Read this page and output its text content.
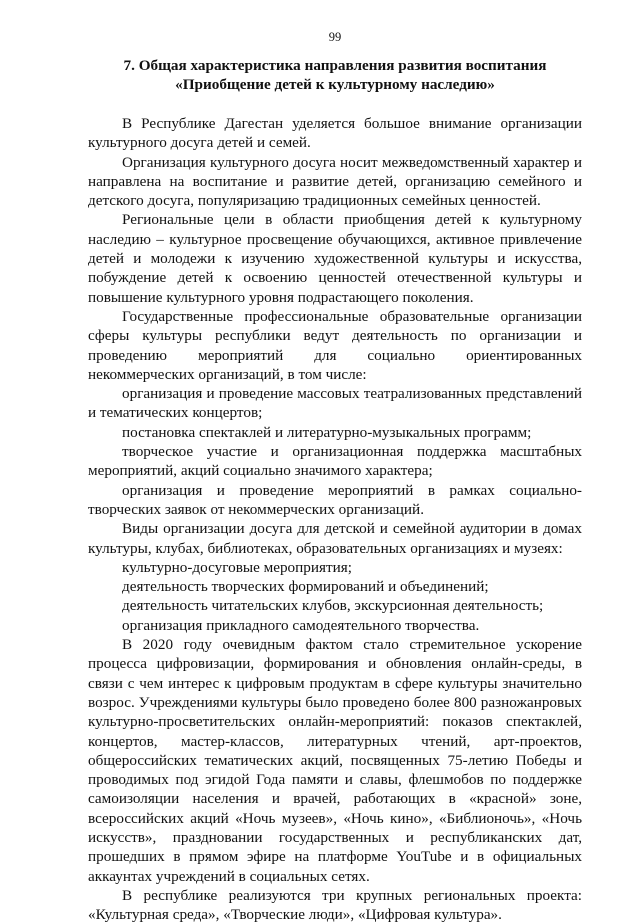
99
7. Общая характеристика направления развития воспитания
«Приобщение детей к культурному наследию»

В Республике Дагестан уделяется большое внимание организации культурного досуга детей и семей.

Организация культурного досуга носит межведомственный характер и направлена на воспитание и развитие детей, организацию семейного и детского досуга, популяризацию традиционных семейных ценностей.

Региональные цели в области приобщения детей к культурному наследию – культурное просвещение обучающихся, активное привлечение детей и молодежи к изучению художественной культуры и искусства, побуждение детей к освоению ценностей отечественной культуры и повышение культурного уровня подрастающего поколения.

Государственные профессиональные образовательные организации сферы культуры республики ведут деятельность по организации и проведению мероприятий для социально ориентированных некоммерческих организаций, в том числе:

организация и проведение массовых театрализованных представлений и тематических концертов;

постановка спектаклей и литературно-музыкальных программ;

творческое участие и организационная поддержка масштабных мероприятий, акций социально значимого характера;

организация и проведение мероприятий в рамках социально-творческих заявок от некоммерческих организаций.

Виды организации досуга для детской и семейной аудитории в домах культуры, клубах, библиотеках, образовательных организациях и музеях:

культурно-досуговые мероприятия;

деятельность творческих формирований и объединений;

деятельность читательских клубов, экскурсионная деятельность;

организация прикладного самодеятельного творчества.

В 2020 году очевидным фактом стало стремительное ускорение процесса цифровизации, формирования и обновления онлайн-среды, в связи с чем интерес к цифровым продуктам в сфере культуры значительно возрос. Учреждениями культуры было проведено более 800 разножанровых культурно-просветительских онлайн-мероприятий: показов спектаклей, концертов, мастер-классов, литературных чтений, арт-проектов, общероссийских тематических акций, посвященных 75-летию Победы и проводимых под эгидой Года памяти и славы, флешмобов по поддержке самоизоляции населения и врачей, работающих в «красной» зоне, всероссийских акций «Ночь музеев», «Ночь кино», «Библионочь», «Ночь искусств», праздновании государственных и республиканских дат, прошедших в прямом эфире на платформе YouTube и в официальных аккаунтах учреждений в социальных сетях.

В республике реализуются три крупных региональных проекта: «Культурная среда», «Творческие люди», «Цифровая культура».
